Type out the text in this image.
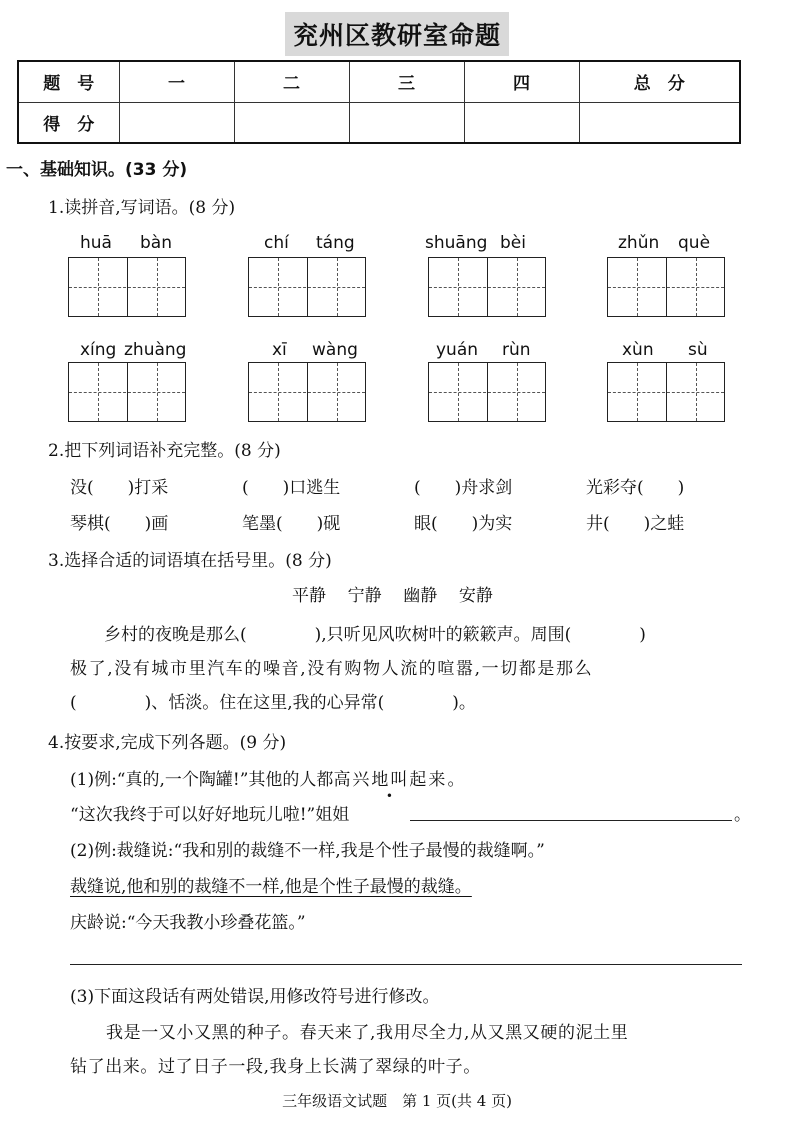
兖州区教研室命题
题　号	一	二	三	四	总　分
得　分					
一、基础知识。(33 分)
1.读拼音,写词语。(8 分)
huā bàn	chí táng	shuāng bèi	zhǔn què
xíng zhuàng	xī wàng	yuán rùn	xùn sù
2.把下列词语补充完整。(8 分)
没(　　)打采	(　　)口逃生	(　　)舟求剑	光彩夺(　　)
琴棋(　　)画	笔墨(　　)砚	眼(　　)为实	井(　　)之蛙
3.选择合适的词语填在括号里。(8 分)
平静 宁静 幽静 安静
乡村的夜晚是那么(　　　　),只听见风吹树叶的簌簌声。周围(　　　　)
极了,没有城市里汽车的噪音,没有购物人流的喧嚣,一切都是那么
(　　　　)、恬淡。住在这里,我的心异常(　　　　)。
4.按要求,完成下列各题。(9 分)
(1)例:“真的,一个陶罐!”其他的人都高兴地叫起来 •。
“这次我终于可以好好地玩儿啦!”姐姐	。
(2)例:裁缝说:“我和别的裁缝不一样,我是个性子最慢的裁缝啊。”
裁缝说,他和别的裁缝不一样,他是个性子最慢的裁缝。
庆龄说:“今天我教小珍叠花篮。”
(3)下面这段话有两处错误,用修改符号进行修改。
我是一又小又黑的种子。春天来了,我用尽全力,从又黑又硬的泥土里
钻了出来。过了日子一段,我身上长满了翠绿的叶子。
三年级语文试题　第 1 页(共 4 页)
